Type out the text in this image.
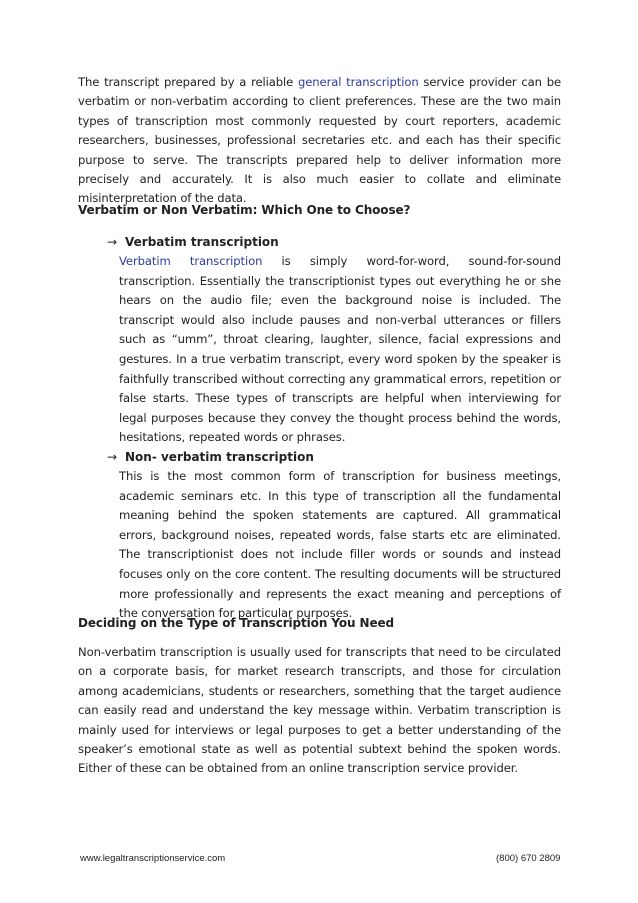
The transcript prepared by a reliable general transcription service provider can be verbatim or non-verbatim according to client preferences. These are the two main types of transcription most commonly requested by court reporters, academic researchers, businesses, professional secretaries etc. and each has their specific purpose to serve. The transcripts prepared help to deliver information more precisely and accurately. It is also much easier to collate and eliminate misinterpretation of the data.

Verbatim or Non Verbatim: Which One to Choose?
→ Verbatim transcription

Verbatim transcription is simply word-for-word, sound-for-sound transcription. Essentially the transcriptionist types out everything he or she hears on the audio file; even the background noise is included. The transcript would also include pauses and non-verbal utterances or fillers such as “umm”, throat clearing, laughter, silence, facial expressions and gestures. In a true verbatim transcript, every word spoken by the speaker is faithfully transcribed without correcting any grammatical errors, repetition or false starts. These types of transcripts are helpful when interviewing for legal purposes because they convey the thought process behind the words, hesitations, repeated words or phrases.

→ Non- verbatim transcription

This is the most common form of transcription for business meetings, academic seminars etc. In this type of transcription all the fundamental meaning behind the spoken statements are captured. All grammatical errors, background noises, repeated words, false starts etc are eliminated. The transcriptionist does not include filler words or sounds and instead focuses only on the core content. The resulting documents will be structured more professionally and represents the exact meaning and perceptions of the conversation for particular purposes.

Deciding on the Type of Transcription You Need

Non-verbatim transcription is usually used for transcripts that need to be circulated on a corporate basis, for market research transcripts, and those for circulation among academicians, students or researchers, something that the target audience can easily read and understand the key message within. Verbatim transcription is mainly used for interviews or legal purposes to get a better understanding of the speaker’s emotional state as well as potential subtext behind the spoken words. Either of these can be obtained from an online transcription service provider.

www.legaltranscriptionservice.com	(800) 670 2809
